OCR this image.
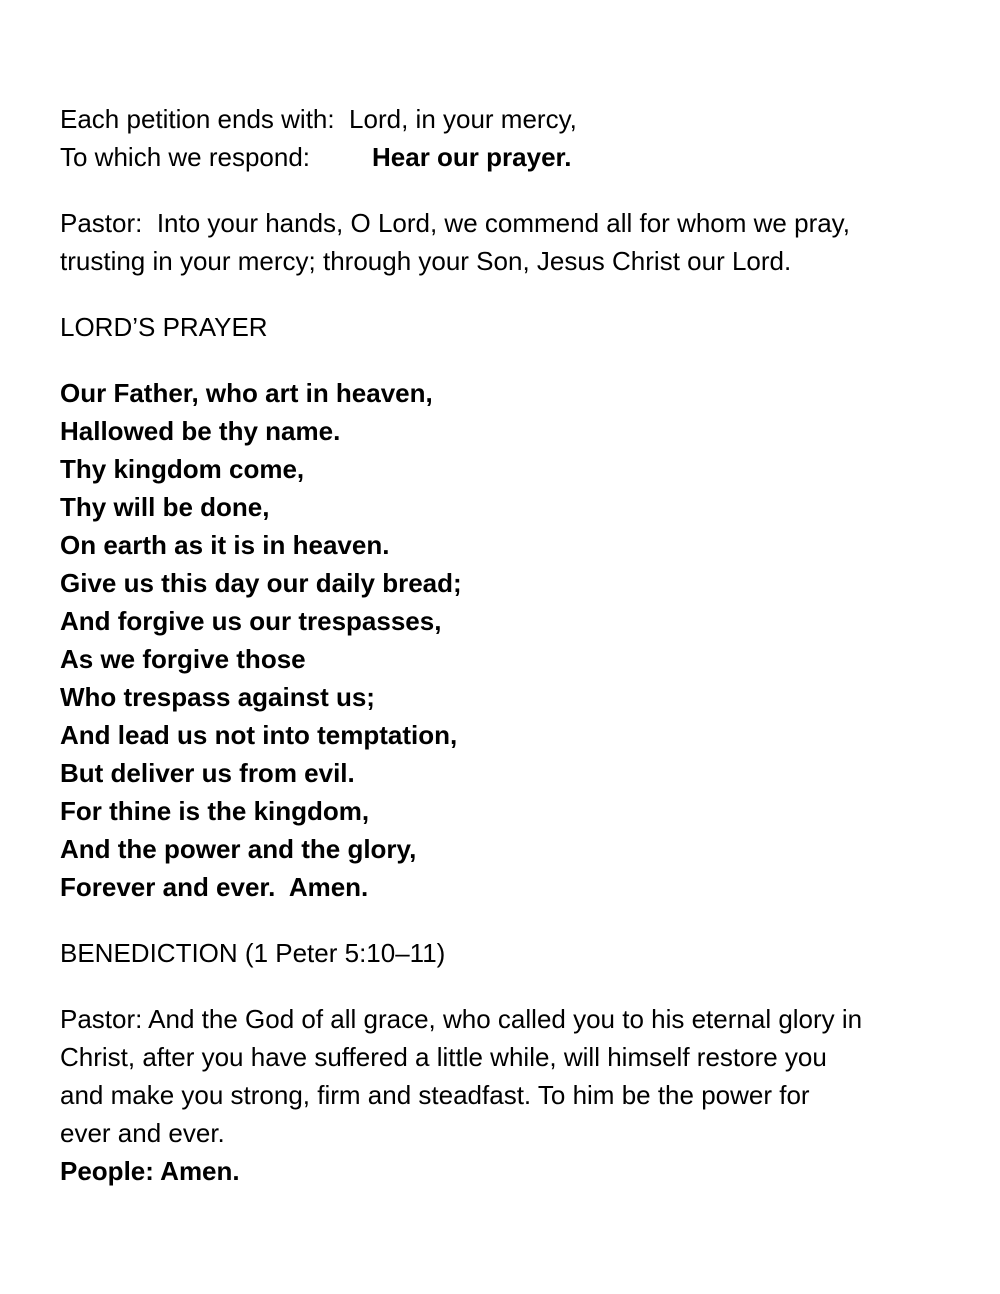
Each petition ends with:  Lord, in your mercy,
To which we respond: Hear our prayer.
Pastor:  Into your hands, O Lord, we commend all for whom we pray,
trusting in your mercy; through your Son, Jesus Christ our Lord.
LORD’S PRAYER
Our Father, who art in heaven,
Hallowed be thy name.
Thy kingdom come,
Thy will be done,
On earth as it is in heaven.
Give us this day our daily bread;
And forgive us our trespasses,
As we forgive those
Who trespass against us;
And lead us not into temptation,
But deliver us from evil.
For thine is the kingdom,
And the power and the glory,
Forever and ever.  Amen.
BENEDICTION (1 Peter 5:10–11)
Pastor: And the God of all grace, who called you to his eternal glory in
Christ, after you have suffered a little while, will himself restore you
and make you strong, firm and steadfast. To him be the power for
ever and ever.
People: Amen.
